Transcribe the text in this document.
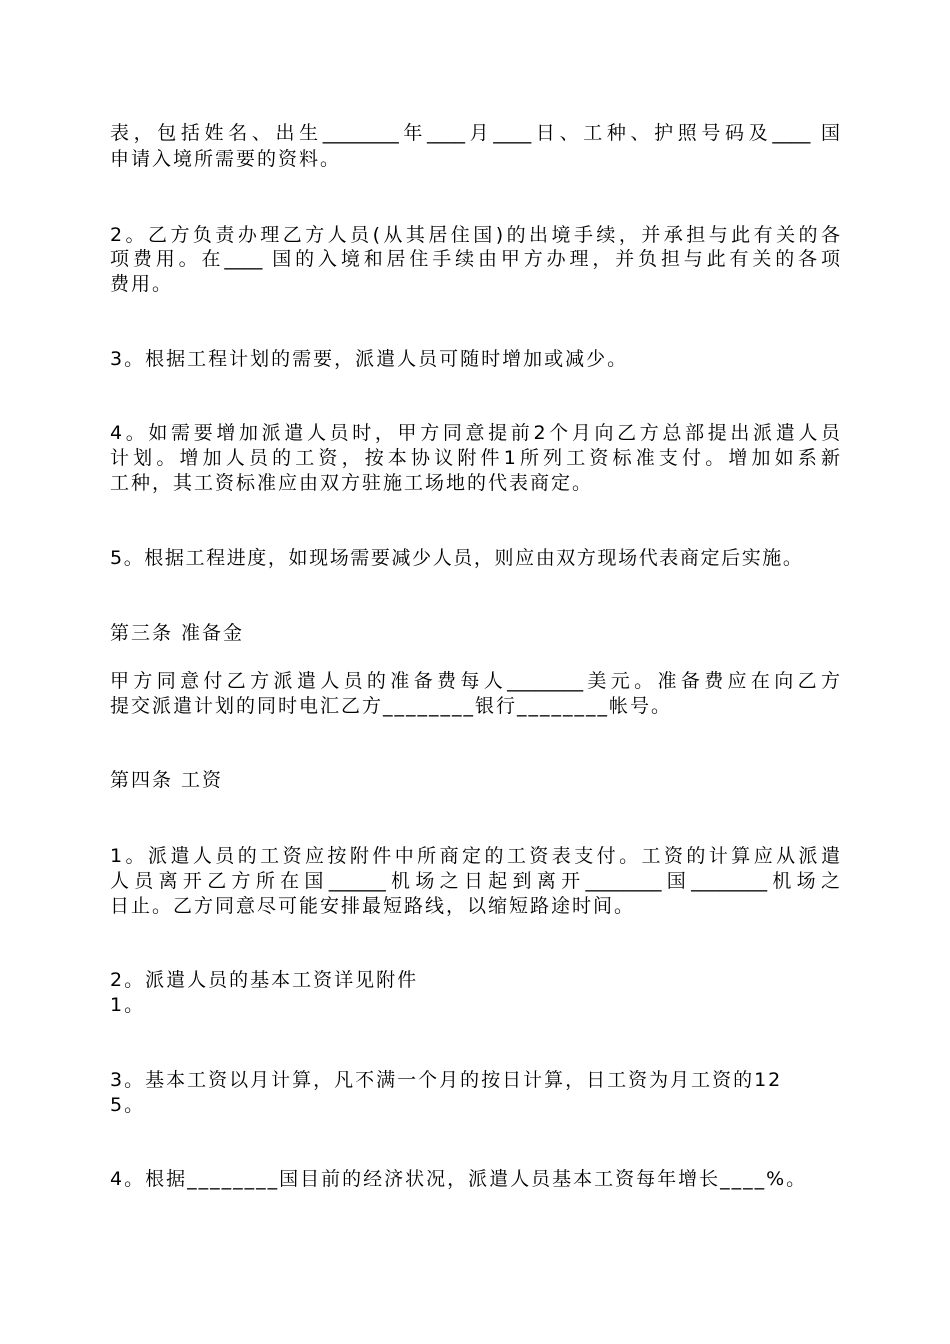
表，包括姓名、出生________年____月____日、工种、护照号码及____ 国
申请入境所需要的资料。
2。乙方负责办理乙方人员(从其居住国)的出境手续，并承担与此有关的各
项费用。在____ 国的入境和居住手续由甲方办理，并负担与此有关的各项
费用。
3。根据工程计划的需要，派遣人员可随时增加或减少。
4。如需要增加派遣人员时，甲方同意提前2个月向乙方总部提出派遣人员
计划。增加人员的工资，按本协议附件1所列工资标准支付。增加如系新
工种，其工资标准应由双方驻施工场地的代表商定。
5。根据工程进度，如现场需要减少人员，则应由双方现场代表商定后实施。
第三条 准备金
甲方同意付乙方派遣人员的准备费每人________美元。准备费应在向乙方
提交派遣计划的同时电汇乙方________银行________帐号。
第四条 工资
1。派遣人员的工资应按附件中所商定的工资表支付。工资的计算应从派遣
人员离开乙方所在国______机场之日起到离开________国________机场之
日止。乙方同意尽可能安排最短路线，以缩短路途时间。
2。派遣人员的基本工资详见附件
1。
3。基本工资以月计算，凡不满一个月的按日计算，日工资为月工资的12
5。
4。根据________国目前的经济状况，派遣人员基本工资每年增长____%。
